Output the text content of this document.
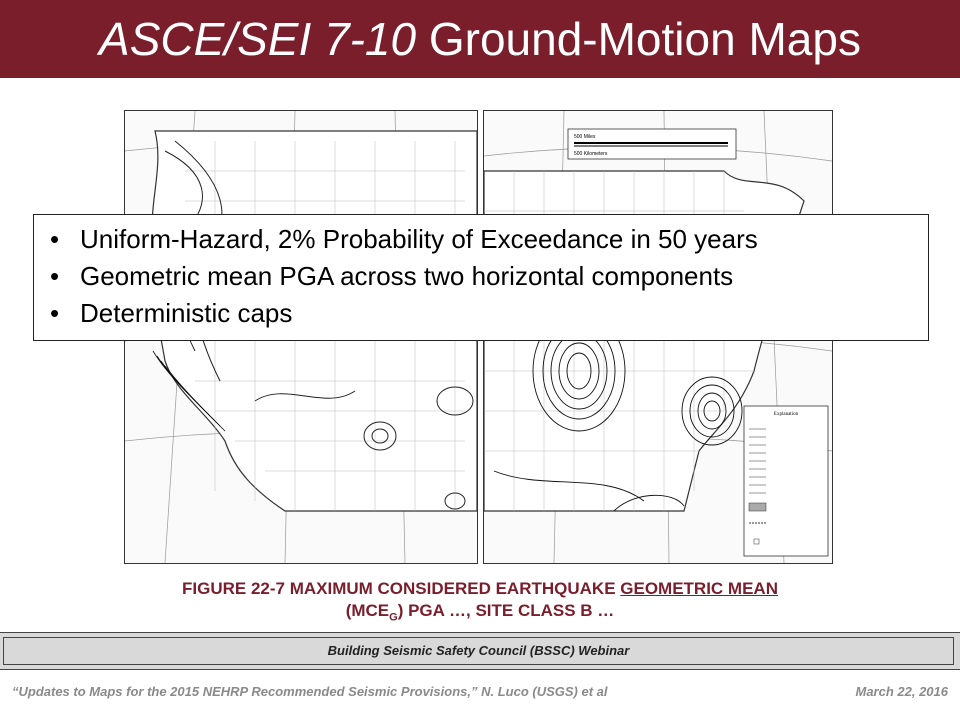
ASCE/SEI 7-10 Ground-Motion Maps
500 Miles
500 Kilometers
Explanation
• Uniform-Hazard, 2% Probability of Exceedance in 50 years
• Geometric mean PGA across two horizontal components
• Deterministic caps
FIGURE 22-7 MAXIMUM CONSIDERED EARTHQUAKE GEOMETRIC MEAN
$(MCE_G)$ PGA …, SITE CLASS B …
Building Seismic Safety Council (BSSC) Webinar
“Updates to Maps for the 2015 NEHRP Recommended Seismic Provisions,” N. Luco (USGS) et al	March 22, 2016
